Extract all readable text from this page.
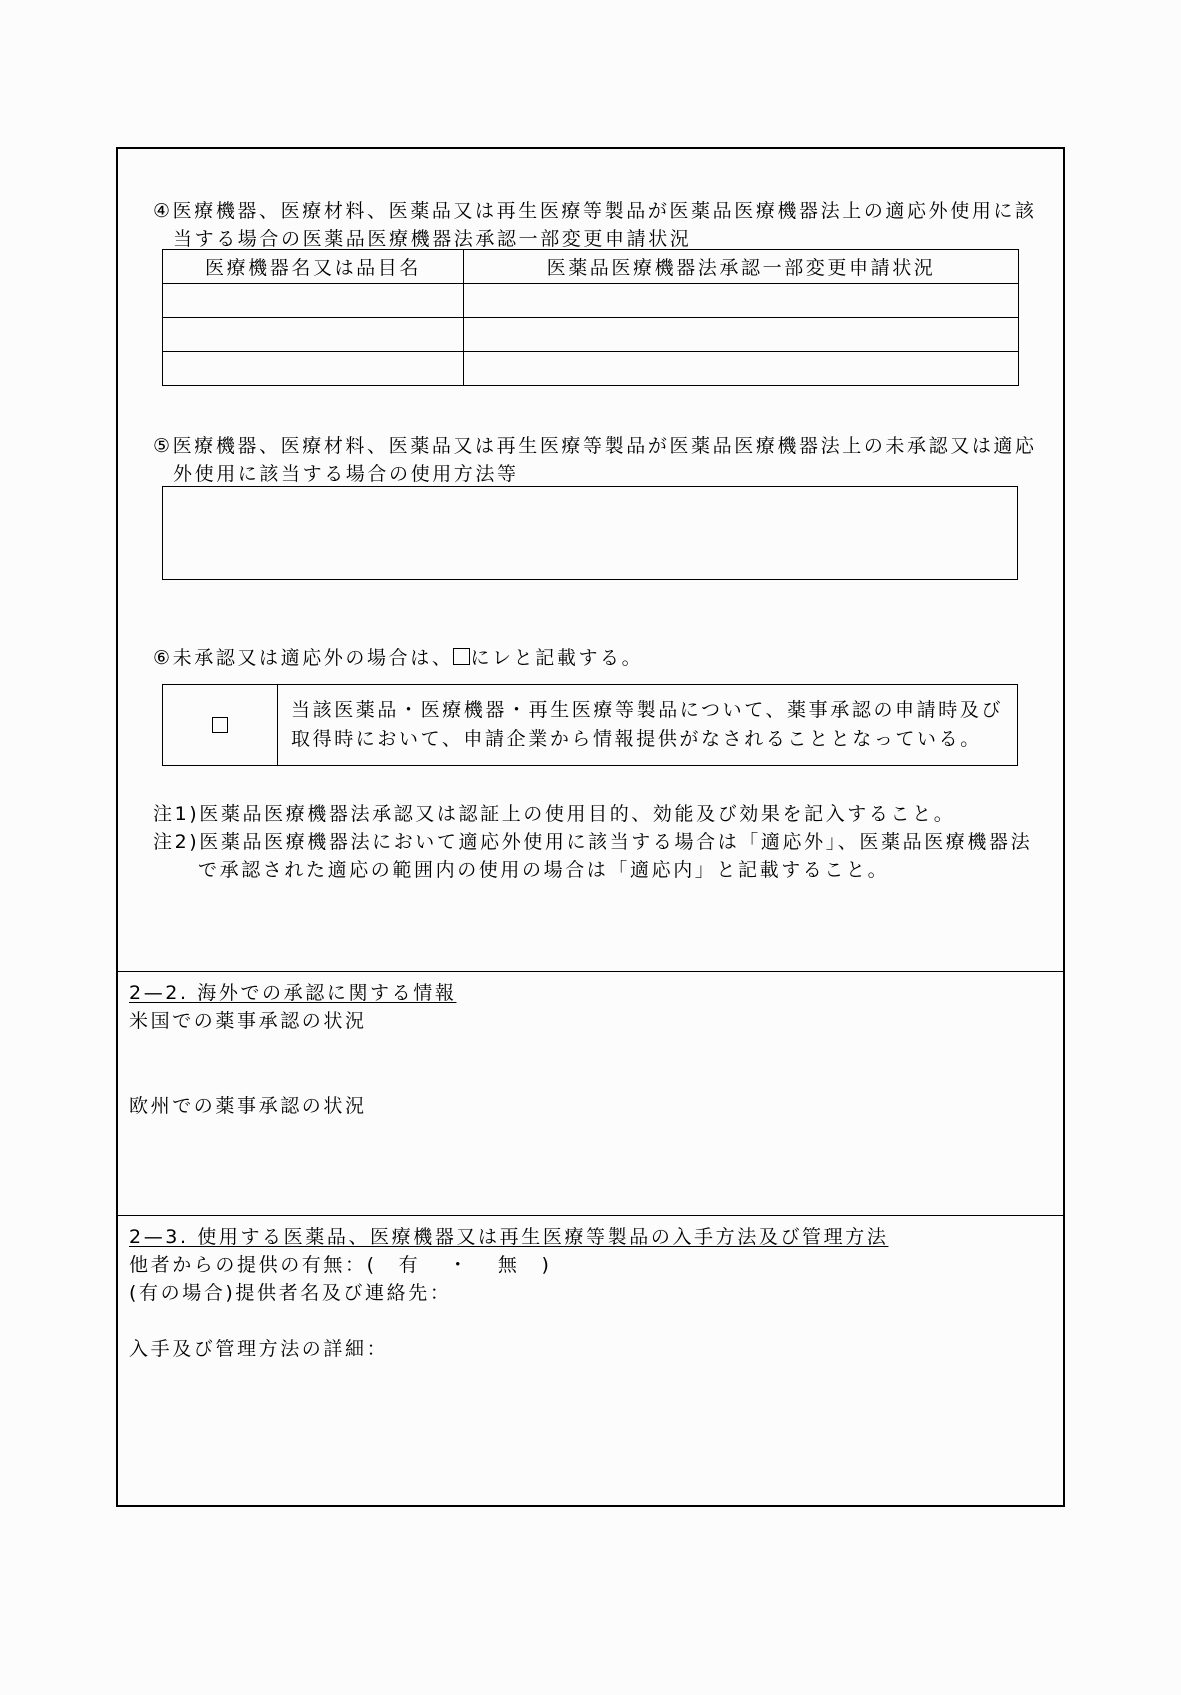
④医療機器、医療材料、医薬品又は再生医療等製品が医薬品医療機器法上の適応外使用に該
当する場合の医薬品医療機器法承認一部変更申請状況
医療機器名又は品目名	医薬品医療機器法承認一部変更申請状況

⑤医療機器、医療材料、医薬品又は再生医療等製品が医薬品医療機器法上の未承認又は適応
外使用に該当する場合の使用方法等
⑥未承認又は適応外の場合は、 にレと記載する。
当該医薬品・医療機器・再生医療等製品について、薬事承認の申請時及び
取得時において、申請企業から情報提供がなされることとなっている。
注1)医薬品医療機器法承認又は認証上の使用目的、効能及び効果を記入すること。
注2)医薬品医療機器法において適応外使用に該当する場合は「適応外」、医薬品医療機器法
で承認された適応の範囲内の使用の場合は「適応内」と記載すること。
2—2. 海外での承認に関する情報
米国での薬事承認の状況
欧州での薬事承認の状況
2—3. 使用する医薬品、医療機器又は再生医療等製品の入手方法及び管理方法
他者からの提供の有無：( 有 ・ 無 )
(有の場合)提供者名及び連絡先：
入手及び管理方法の詳細：
